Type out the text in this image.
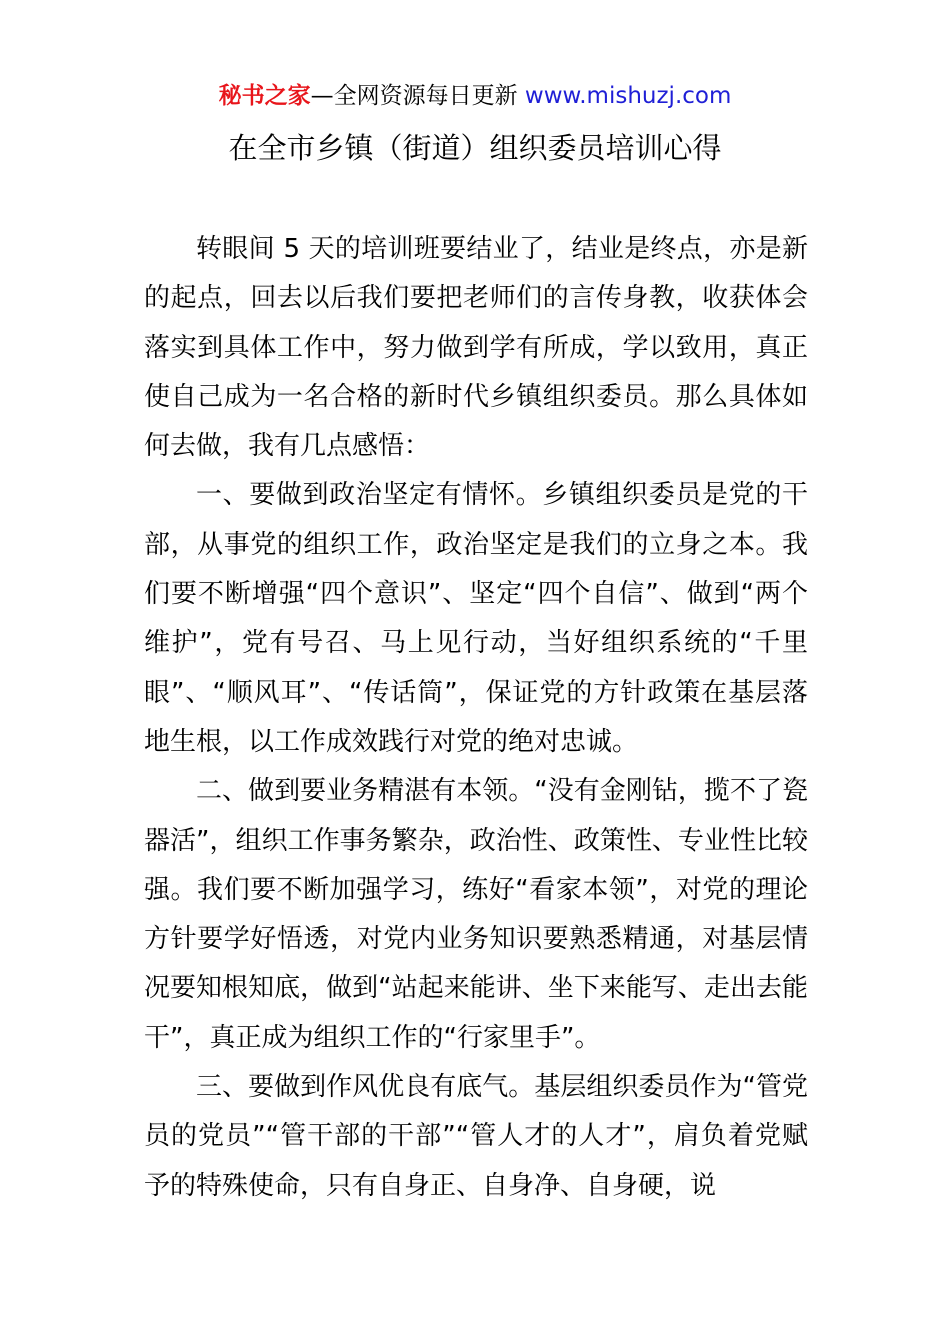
秘书之家—全网资源每日更新 www.mishuzj.com
在全市乡镇（街道）组织委员培训心得

转眼间 5 天的培训班要结业了，结业是终点，亦是新的起点，回去以后我们要把老师们的言传身教，收获体会落实到具体工作中，努力做到学有所成，学以致用，真正使自己成为一名合格的新时代乡镇组织委员。那么具体如何去做，我有几点感悟：

一、要做到政治坚定有情怀。乡镇组织委员是党的干部，从事党的组织工作，政治坚定是我们的立身之本。我们要不断增强“四个意识”、坚定“四个自信”、做到“两个维护”，党有号召、马上见行动，当好组织系统的“千里眼”、“顺风耳”、“传话筒”，保证党的方针政策在基层落地生根，以工作成效践行对党的绝对忠诚。

二、做到要业务精湛有本领。“没有金刚钻，揽不了瓷器活”，组织工作事务繁杂，政治性、政策性、专业性比较强。我们要不断加强学习，练好“看家本领”，对党的理论方针要学好悟透，对党内业务知识要熟悉精通，对基层情况要知根知底，做到“站起来能讲、坐下来能写、走出去能干”，真正成为组织工作的“行家里手”。

三、要做到作风优良有底气。基层组织委员作为“管党员的党员”“管干部的干部”“管人才的人才”，肩负着党赋予的特殊使命，只有自身正、自身净、自身硬，说
